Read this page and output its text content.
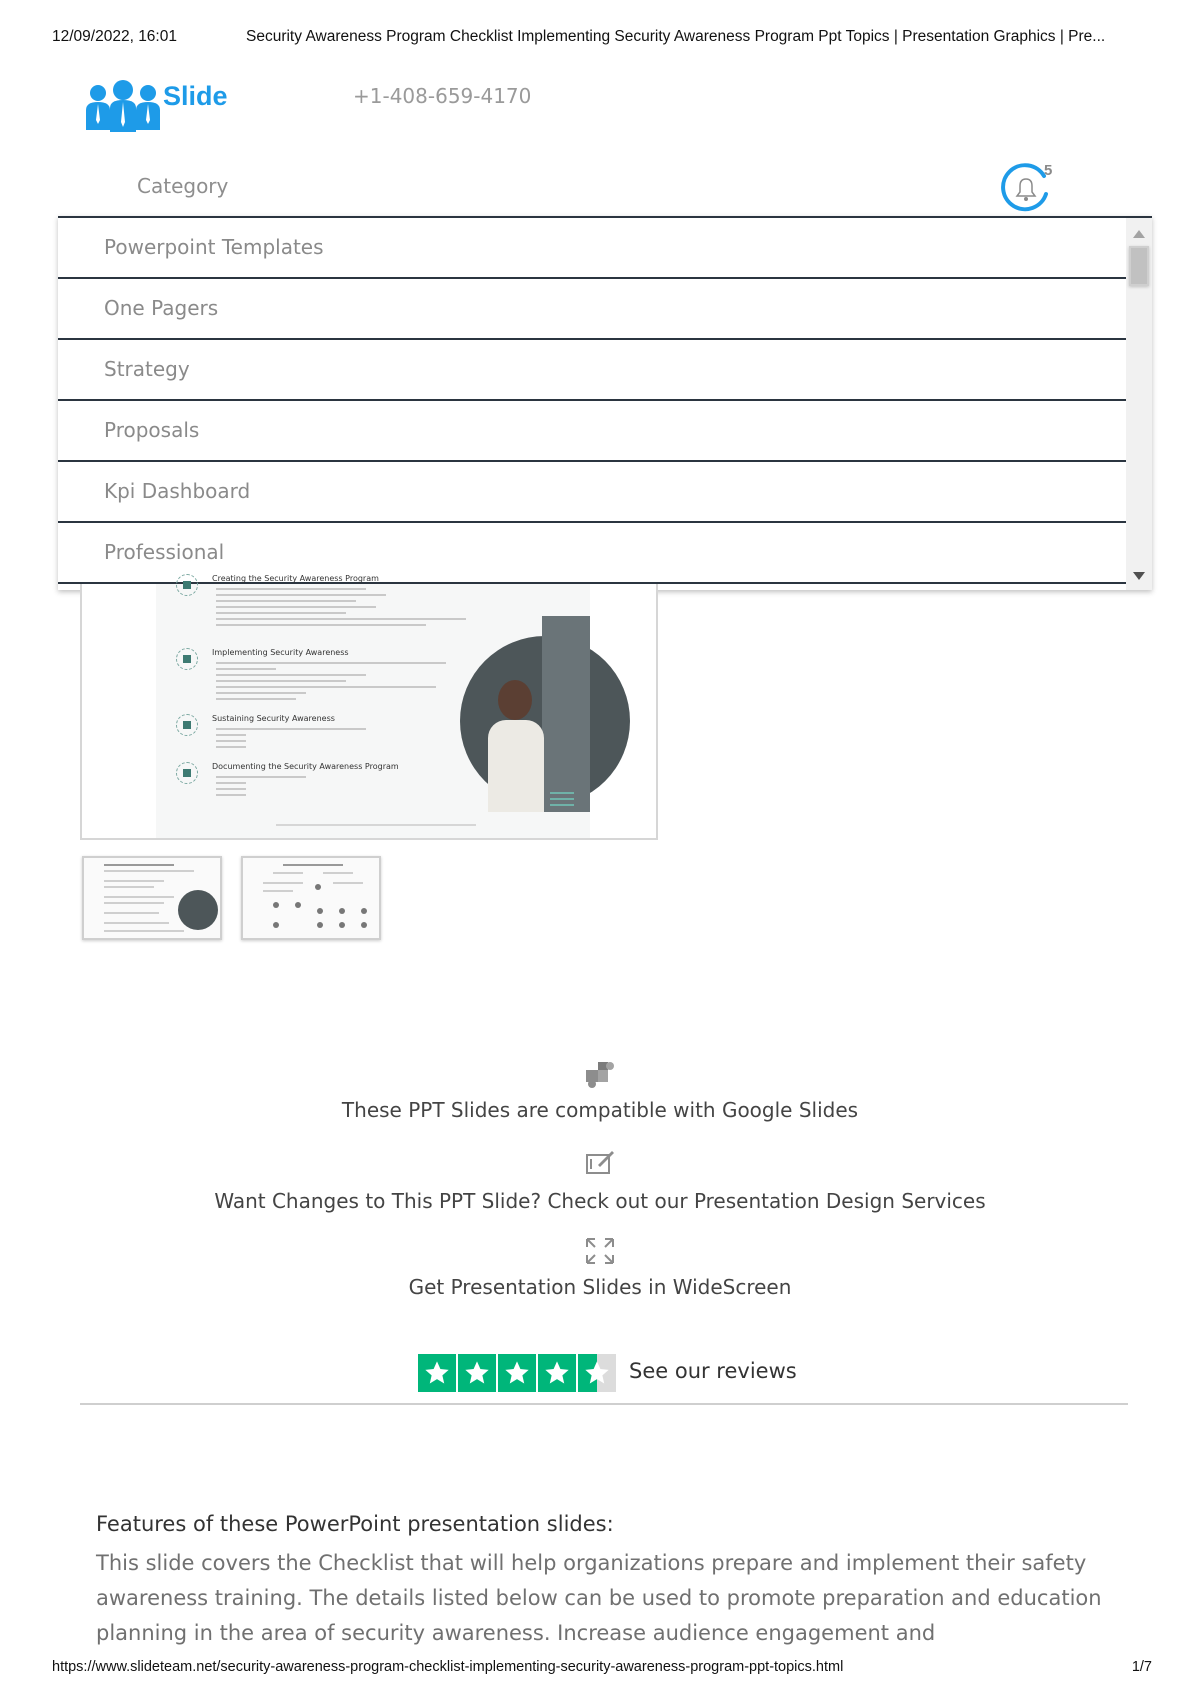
12/09/2022, 16:01	Security Awareness Program Checklist Implementing Security Awareness Program Ppt Topics | Presentation Graphics | Pre...
Slide	+1-408-659-4170
Category
5
Powerpoint Templates
One Pagers
Strategy
Proposals
Kpi Dashboard
Professional
Creating the Security Awareness Program
Implementing Security Awareness
Sustaining Security Awareness
Documenting the Security Awareness Program
These PPT Slides are compatible with Google Slides
Want Changes to This PPT Slide? Check out our Presentation Design Services
Get Presentation Slides in WideScreen
See our reviews
Features of these PowerPoint presentation slides:
This slide covers the Checklist that will help organizations prepare and implement their safety awareness training. The details listed below can be used to promote preparation and education planning in the area of security awareness. Increase audience engagement and
https://www.slideteam.net/security-awareness-program-checklist-implementing-security-awareness-program-ppt-topics.html	1/7
